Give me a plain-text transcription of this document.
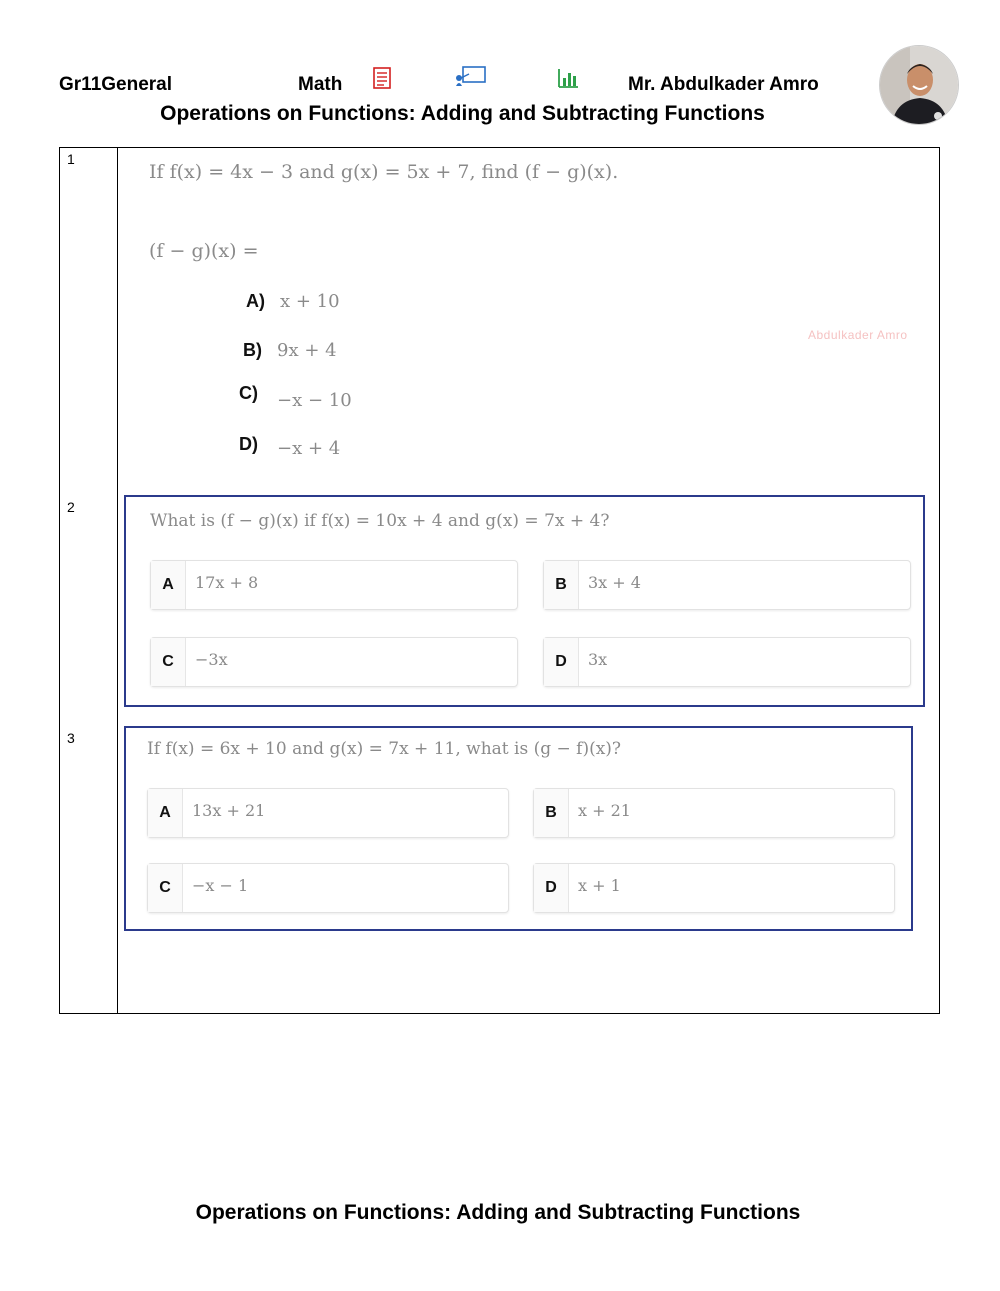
Gr11General	Math	Mr. Abdulkader Amro
Operations on Functions: Adding and Subtracting Functions
1
If f(x) = 4x − 3 and g(x) = 5x + 7, find (f − g)(x).
(f − g)(x) =
A) x + 10
B) 9x + 4
C) −x − 10
D) −x + 4
Abdulkader Amro
2
What is (f − g)(x) if f(x) = 10x + 4 and g(x) = 7x + 4?
A	17x + 8	B	3x + 4
C	−3x	D	3x
3
If f(x) = 6x + 10 and g(x) = 7x + 11, what is (g − f)(x)?
A	13x + 21	B	x + 21
C	−x − 1	D	x + 1
Operations on Functions: Adding and Subtracting Functions
